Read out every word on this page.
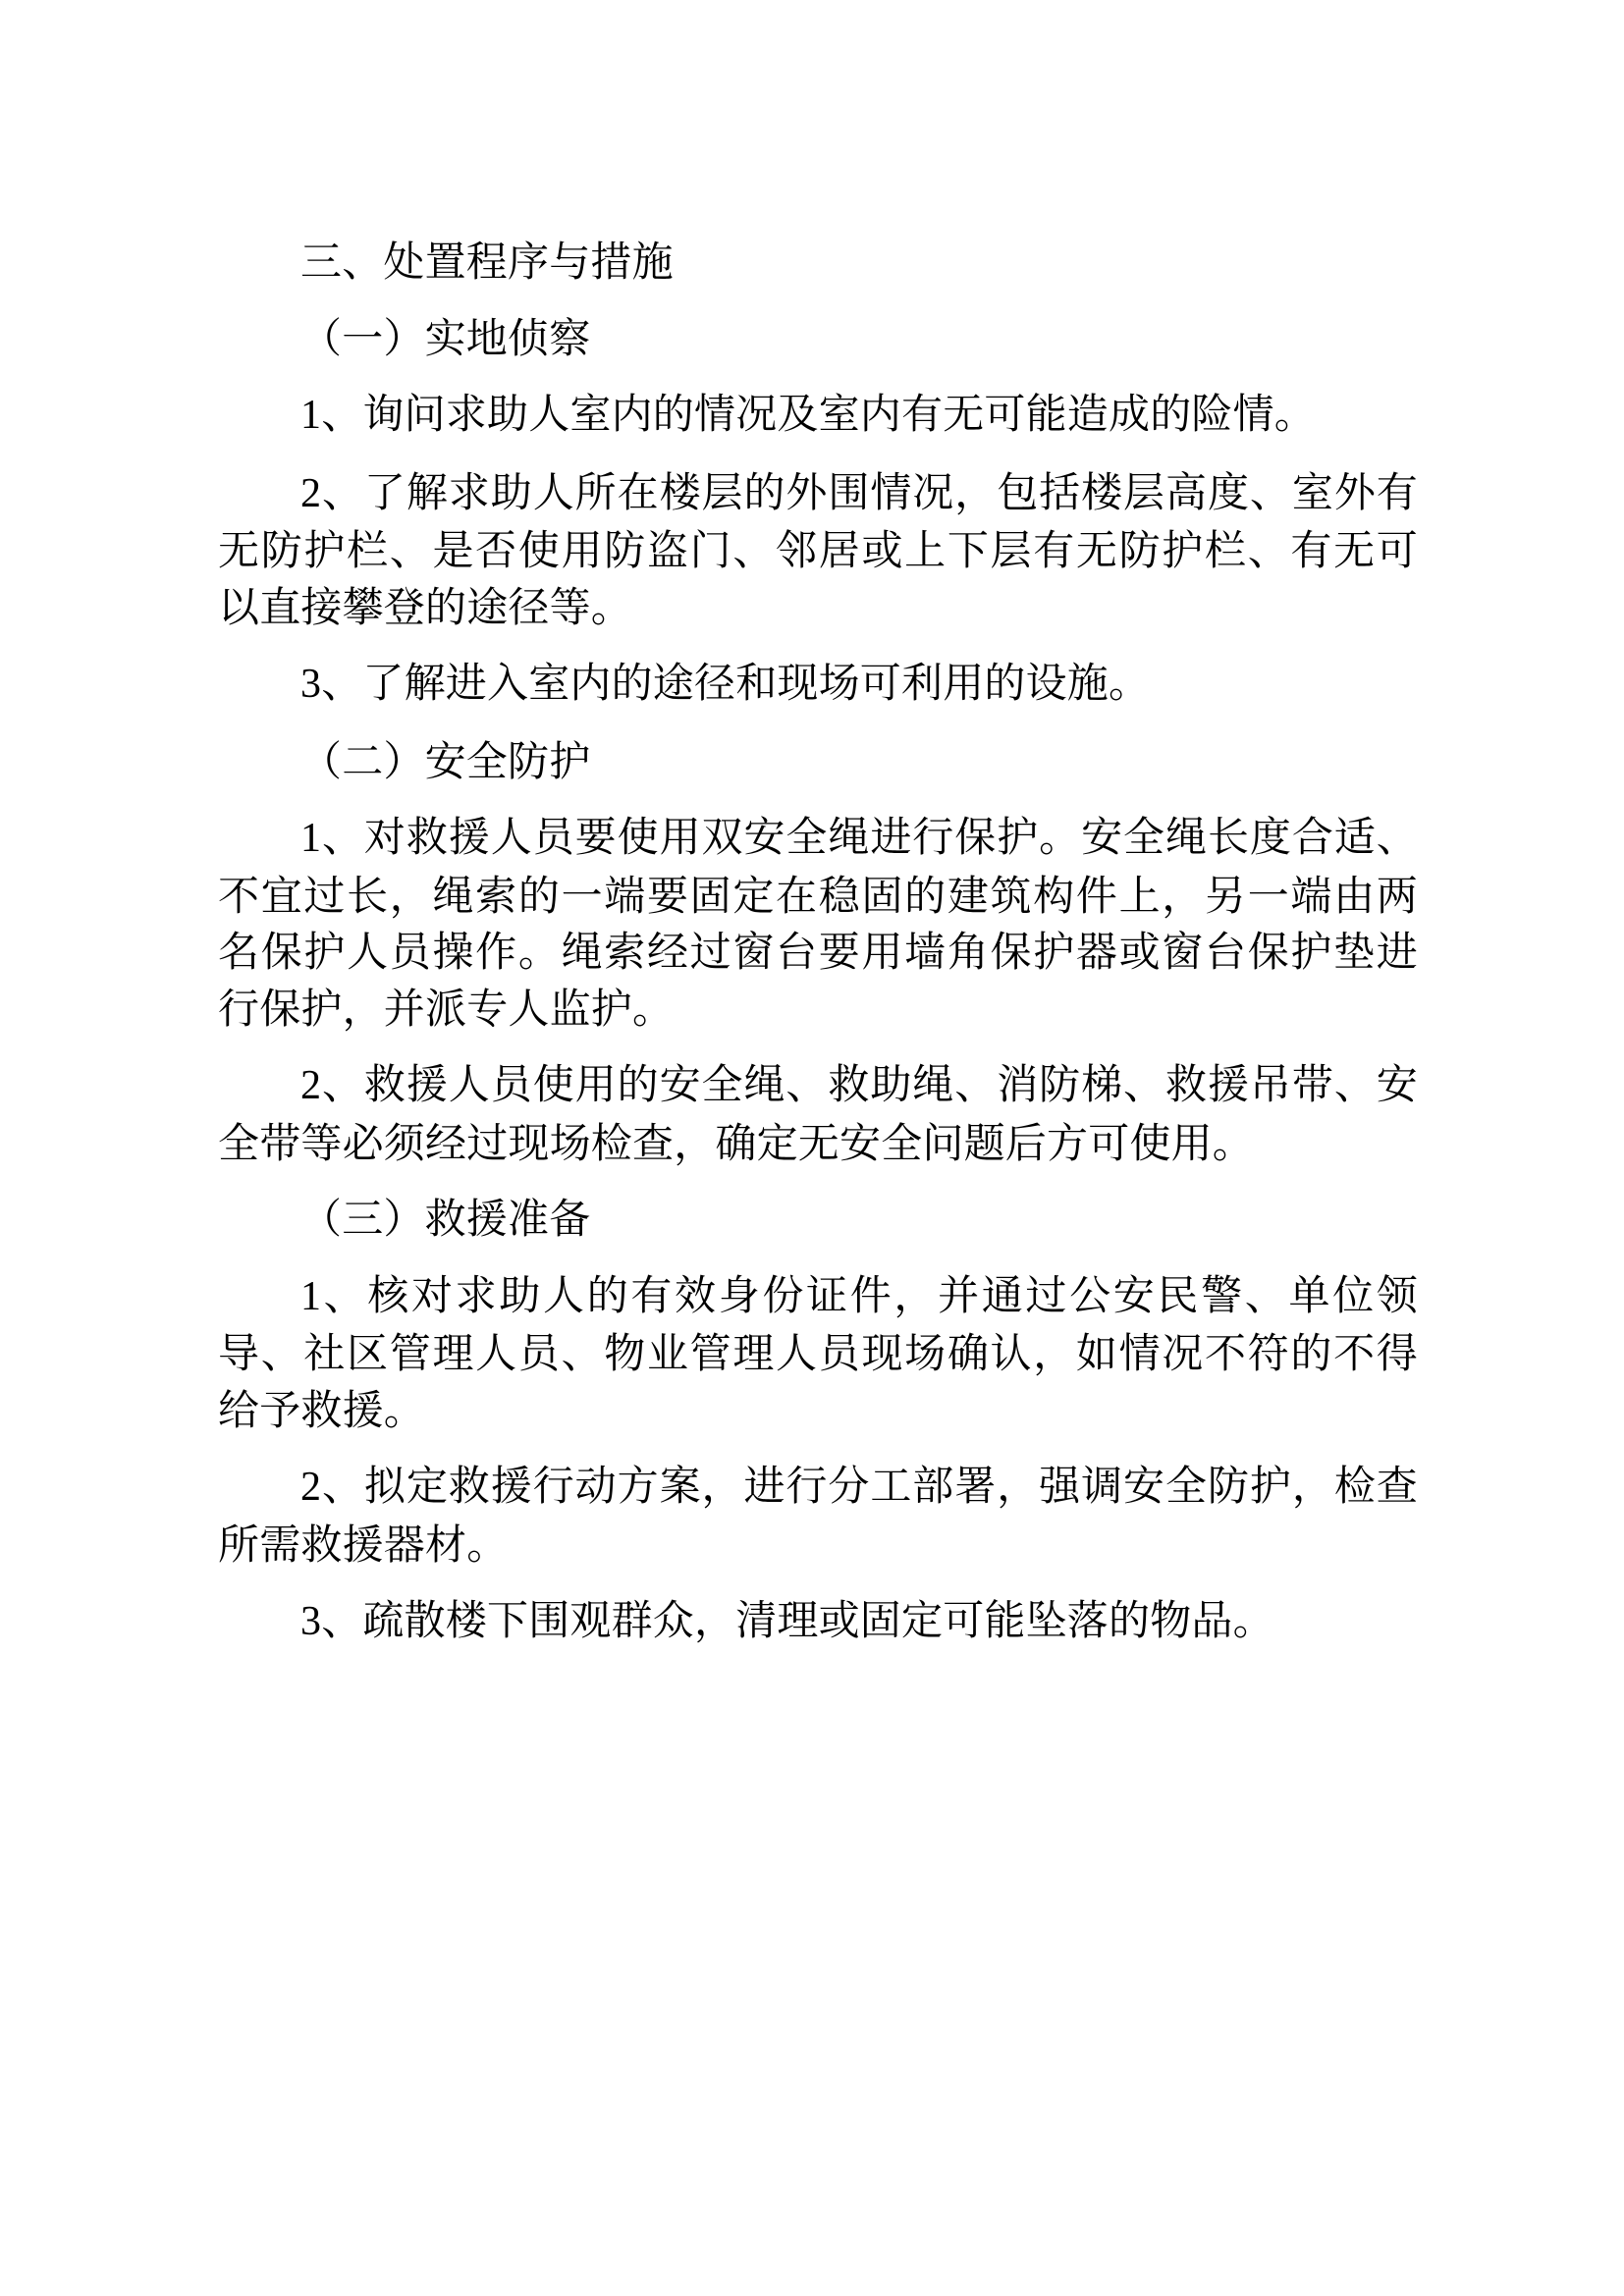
三、处置程序与措施

（一）实地侦察

1、询问求助人室内的情况及室内有无可能造成的险情。

2、了解求助人所在楼层的外围情况，包括楼层高度、室外有无防护栏、是否使用防盗门、邻居或上下层有无防护栏、有无可以直接攀登的途径等。

3、了解进入室内的途径和现场可利用的设施。

（二）安全防护

1、对救援人员要使用双安全绳进行保护。安全绳长度合适、不宜过长，绳索的一端要固定在稳固的建筑构件上，另一端由两名保护人员操作。绳索经过窗台要用墙角保护器或窗台保护垫进行保护，并派专人监护。

2、救援人员使用的安全绳、救助绳、消防梯、救援吊带、安全带等必须经过现场检查，确定无安全问题后方可使用。

（三）救援准备

1、核对求助人的有效身份证件，并通过公安民警、单位领导、社区管理人员、物业管理人员现场确认，如情况不符的不得给予救援。

2、拟定救援行动方案，进行分工部署，强调安全防护，检查所需救援器材。

3、疏散楼下围观群众，清理或固定可能坠落的物品。
